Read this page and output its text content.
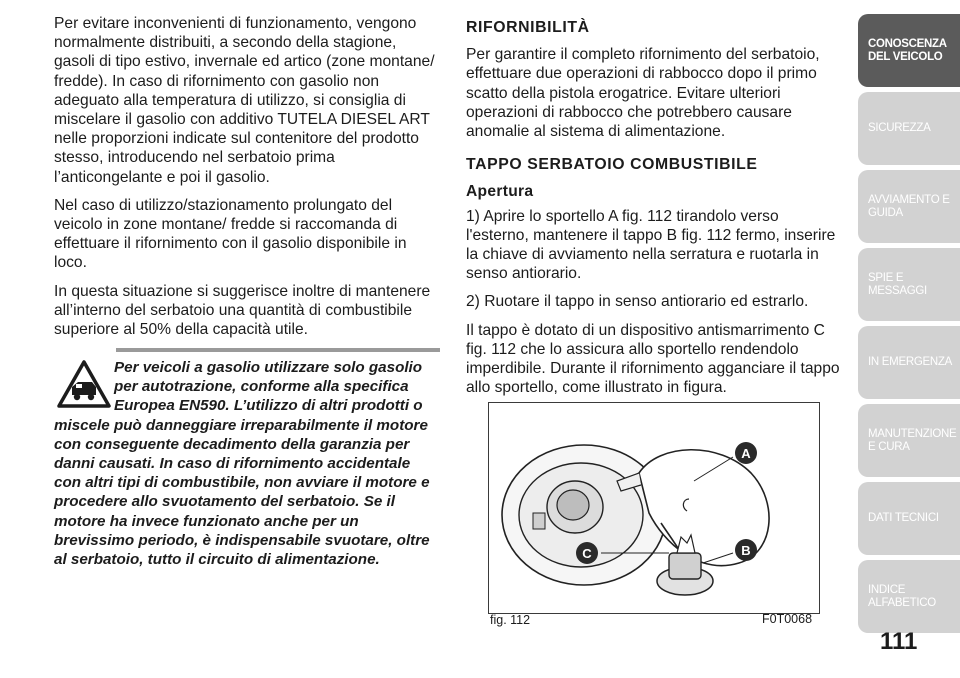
Per evitare inconvenienti di funzionamento, vengono normalmente distribuiti, a secondo della stagione, gasoli di tipo estivo, invernale ed artico (zone montane/ fredde). In caso di rifornimento con gasolio non adeguato alla temperatura di utilizzo, si consiglia di miscelare il gasolio con additivo TUTELA DIESEL ART nelle proporzioni indicate sul contenitore del prodotto stesso, introducendo nel serbatoio prima l’anticongelante e poi il gasolio.

Nel caso di utilizzo/stazionamento prolungato del veicolo in zone montane/ fredde si raccomanda di effettuare il rifornimento con il gasolio disponibile in loco.

In questa situazione si suggerisce inoltre di mantenere all’interno del serbatoio una quantità di combustibile superiore al 50% della capacità utile.

Per veicoli a gasolio utilizzare solo gasolio per autotrazione, conforme alla specifica Europea EN590. L’utilizzo di altri prodotti o miscele può danneggiare irreparabilmente il motore con conseguente decadimento della garanzia per danni causati. In caso di rifornimento accidentale con altri tipi di combustibile, non avviare il motore e procedere allo svuotamento del serbatoio. Se il motore ha invece funzionato anche per un brevissimo periodo, è indispensabile svuotare, oltre al serbatoio, tutto il circuito di alimentazione.
RIFORNIBILITÀ

Per garantire il completo rifornimento del serbatoio, effettuare due operazioni di rabbocco dopo il primo scatto della pistola erogatrice. Evitare ulteriori operazioni di rabbocco che potrebbero causare anomalie al sistema di alimentazione.

TAPPO SERBATOIO COMBUSTIBILE
Apertura

1) Aprire lo sportello A fig. 112 tirandolo verso l'esterno, mantenere il tappo B fig. 112 fermo, inserire la chiave di avviamento nella serratura e ruotarla in senso antiorario.

2) Ruotare il tappo in senso antiorario ed estrarlo.

Il tappo è dotato di un dispositivo antismarrimento C fig. 112 che lo assicura allo sportello rendendolo imperdibile. Durante il rifornimento agganciare il tappo allo sportello, come illustrato in figura.

A
B
C
fig. 112	F0T0068
CONOSCENZA DEL VEICOLO
SICUREZZA
AVVIAMENTO E GUIDA
SPIE E MESSAGGI
IN EMERGENZA
MANUTENZIONE E CURA
DATI TECNICI
INDICE ALFABETICO
111
